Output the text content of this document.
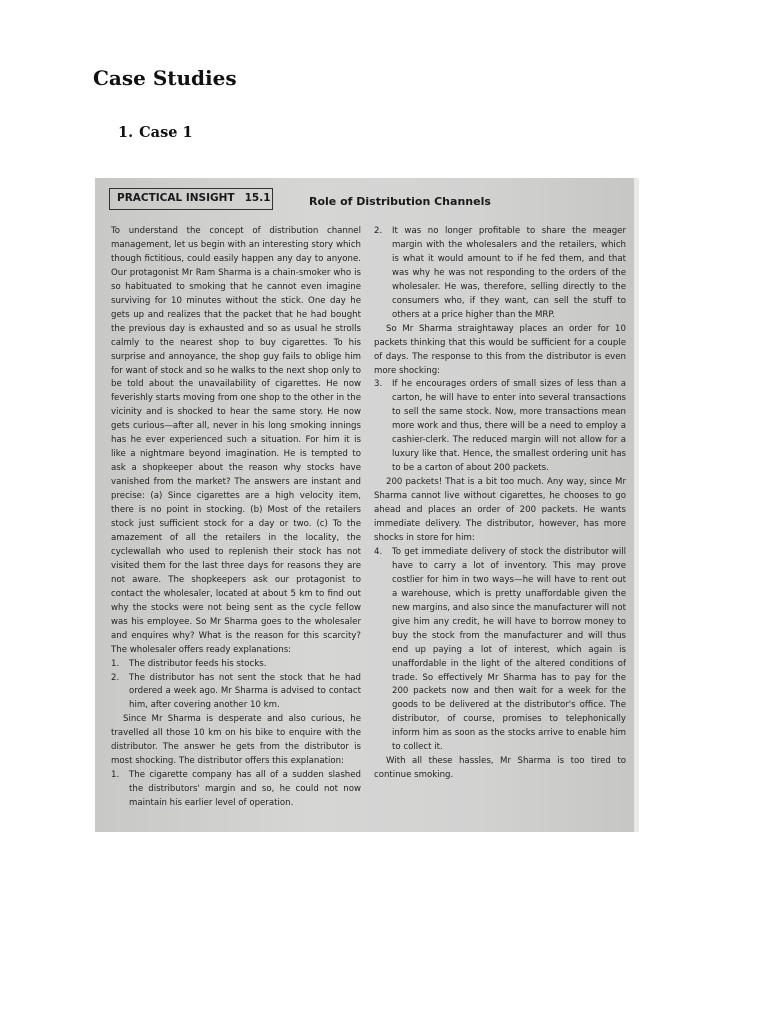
Case Studies
1. Case 1
PRACTICAL INSIGHT 15.1	Role of Distribution Channels

To understand the concept of distribution channel management, let us begin with an interesting story which though fictitious, could easily happen any day to anyone. Our protagonist Mr Ram Sharma is a chain-smoker who is so habituated to smoking that he cannot even imagine surviving for 10 minutes without the stick. One day he gets up and realizes that the packet that he had bought the previous day is exhausted and so as usual he strolls calmly to the nearest shop to buy cigarettes. To his surprise and annoyance, the shop guy fails to oblige him for want of stock and so he walks to the next shop only to be told about the unavailability of cigarettes. He now feverishly starts moving from one shop to the other in the vicinity and is shocked to hear the same story. He now gets curious—after all, never in his long smoking innings has he ever experienced such a situation. For him it is like a nightmare beyond imagination. He is tempted to ask a shopkeeper about the reason why stocks have vanished from the market? The answers are instant and precise: (a) Since cigarettes are a high velocity item, there is no point in stocking. (b) Most of the retailers stock just sufficient stock for a day or two. (c) To the amazement of all the retailers in the locality, the cyclewallah who used to replenish their stock has not visited them for the last three days for reasons they are not aware. The shopkeepers ask our protagonist to contact the wholesaler, located at about 5 km to find out why the stocks were not being sent as the cycle fellow was his employee. So Mr Sharma goes to the wholesaler and enquires why? What is the reason for this scarcity? The wholesaler offers ready explanations:

1. The distributor feeds his stocks.
2. The distributor has not sent the stock that he had ordered a week ago. Mr Sharma is advised to contact him, after covering another 10 km.

Since Mr Sharma is desperate and also curious, he travelled all those 10 km on his bike to enquire with the distributor. The answer he gets from the distributor is most shocking. The distributor offers this explanation:

1. The cigarette company has all of a sudden slashed the distributors' margin and so, he could not now maintain his earlier level of operation.
2. It was no longer profitable to share the meager margin with the wholesalers and the retailers, which is what it would amount to if he fed them, and that was why he was not responding to the orders of the wholesaler. He was, therefore, selling directly to the consumers who, if they want, can sell the stuff to others at a price higher than the MRP.

So Mr Sharma straightaway places an order for 10 packets thinking that this would be sufficient for a couple of days. The response to this from the distributor is even more shocking:

3. If he encourages orders of small sizes of less than a carton, he will have to enter into several transactions to sell the same stock. Now, more transactions mean more work and thus, there will be a need to employ a cashier-clerk. The reduced margin will not allow for a luxury like that. Hence, the smallest ordering unit has to be a carton of about 200 packets.

200 packets! That is a bit too much. Any way, since Mr Sharma cannot live without cigarettes, he chooses to go ahead and places an order of 200 packets. He wants immediate delivery. The distributor, however, has more shocks in store for him:

4. To get immediate delivery of stock the distributor will have to carry a lot of inventory. This may prove costlier for him in two ways—he will have to rent out a warehouse, which is pretty unaffordable given the new margins, and also since the manufacturer will not give him any credit, he will have to borrow money to buy the stock from the manufacturer and will thus end up paying a lot of interest, which again is unaffordable in the light of the altered conditions of trade. So effectively Mr Sharma has to pay for the 200 packets now and then wait for a week for the goods to be delivered at the distributor's office. The distributor, of course, promises to telephonically inform him as soon as the stocks arrive to enable him to collect it.

With all these hassles, Mr Sharma is too tired to continue smoking.
